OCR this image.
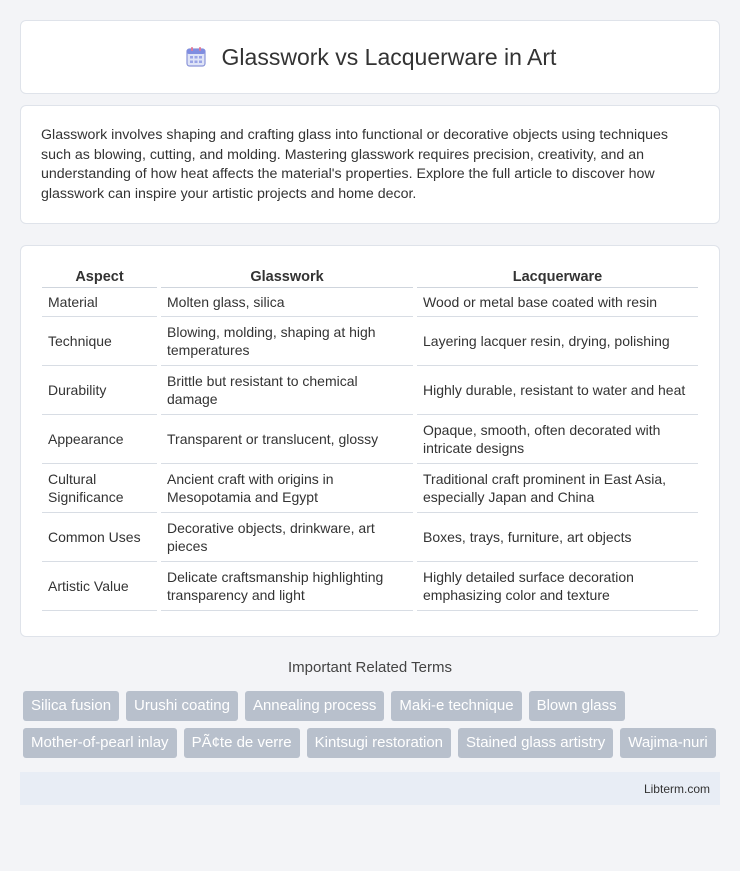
Glasswork vs Lacquerware in Art

Glasswork involves shaping and crafting glass into functional or decorative objects using techniques such as blowing, cutting, and molding. Mastering glasswork requires precision, creativity, and an understanding of how heat affects the material's properties. Explore the full article to discover how glasswork can inspire your artistic projects and home decor.

Aspect	Glasswork	Lacquerware
Material	Molten glass, silica	Wood or metal base coated with resin
Technique	Blowing, molding, shaping at high temperatures	Layering lacquer resin, drying, polishing
Durability	Brittle but resistant to chemical damage	Highly durable, resistant to water and heat
Appearance	Transparent or translucent, glossy	Opaque, smooth, often decorated with intricate designs
Cultural Significance	Ancient craft with origins in Mesopotamia and Egypt	Traditional craft prominent in East Asia, especially Japan and China
Common Uses	Decorative objects, drinkware, art pieces	Boxes, trays, furniture, art objects
Artistic Value	Delicate craftsmanship highlighting transparency and light	Highly detailed surface decoration emphasizing color and texture
Important Related Terms
Silica fusion	Urushi coating	Annealing process	Maki-e technique	Blown glass
Mother-of-pearl inlay	PÃ¢te de verre	Kintsugi restoration	Stained glass artistry	Wajima-nuri
Libterm.com
